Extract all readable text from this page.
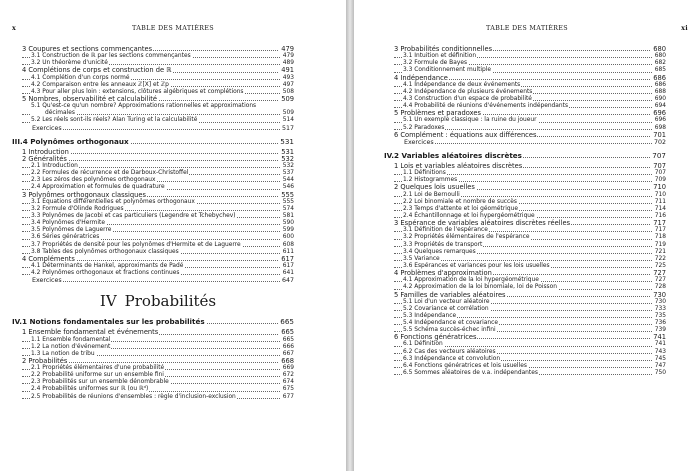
x	TABLE DES MATIÈRES
3 Coupures et sections commençantes	479
3.1 Construction de ℝ par les sections commençantes	479
3.2 Un théorème d'unicité	489
4 Complétions de corps et construction de ℝ	491
4.1 Complétion d'un corps normé	493
4.2 Comparaison entre les anneaux ℤ[X] et ℤp	497
4.3 Pour aller plus loin : extensions, clôtures algébriques et complétions	508
5 Nombres, observabilité et calculabilité	509
5.1 Qu'est-ce qu'un nombre? Approximations rationnelles et approximations
décimales	509
5.2 Les réels sont-ils réels? Alan Turing et la calculabilité	514
Exercices	517
III.4 Polynômes orthogonaux	531
1 Introduction	531
2 Généralités	532
2.1 Introduction	532
2.2 Formules de récurrence et de Darboux-Christoffel	537
2.3 Les zéros des polynômes orthogonaux	544
2.4 Approximation et formules de quadrature	546
3 Polynômes orthogonaux classiques	555
3.1 Équations différentielles et polynômes orthogonaux	555
3.2 Formule d'Olinde Rodrigues	574
3.3 Polynômes de Jacobi et cas particuliers (Legendre et Tchebychev)	581
3.4 Polynômes d'Hermite	590
3.5 Polynômes de Laguerre	599
3.6 Séries génératrices	600
3.7 Propriétés de densité pour les polynômes d'Hermite et de Laguerre	608
3.8 Tables des polynômes orthogonaux classiques	611
4 Compléments	617
4.1 Déterminants de Hankel, approximants de Padé	617
4.2 Polynômes orthogonaux et fractions continues	641
Exercices	647
IV Probabilités
IV.1 Notions fondamentales sur les probabilités	665
1 Ensemble fondamental et événements	665
1.1 Ensemble fondamental	665
1.2 La notion d'événement	666
1.3 La notion de tribu	667
2 Probabilités	668
2.1 Propriétés élémentaires d'une probabilité	669
2.2 Probabilité uniforme sur un ensemble fini	672
2.3 Probabilités sur un ensemble dénombrable	674
2.4 Probabilités uniformes sur ℝ (ou ℝᵈ)	675
2.5 Probabilités de réunions d'ensembles : règle d'inclusion-exclusion	677
TABLE DES MATIÈRES	xi
3 Probabilités conditionnelles	680
3.1 Intuition et définition	680
3.2 Formule de Bayes	682
3.3 Conditionnement multiple	685
4 Indépendance	686
4.1 Indépendance de deux événements	686
4.2 Indépendance de plusieurs événements	688
4.3 Construction d'un espace de probabilité	690
4.4 Probabilité de réunions d'événements indépendants	694
5 Problèmes et paradoxes	696
5.1 Un exemple classique : la ruine du joueur	696
5.2 Paradoxes	698
6 Complément : équations aux différences	701
Exercices	702
IV.2 Variables aléatoires discrètes	707
1 Lois et variables aléatoires discrètes	707
1.1 Définitions	707
1.2 Histogrammes	709
2 Quelques lois usuelles	710
2.1 Loi de Bernoulli	710
2.2 Loi binomiale et nombre de succès	711
2.3 Temps d'attente et loi géométrique	714
2.4 Échantillonnage et loi hypergéométrique	716
3 Espérance de variables aléatoires discrètes réelles	717
3.1 Définition de l'espérance	717
3.2 Propriétés élémentaires de l'espérance	718
3.3 Propriétés de transport	719
3.4 Quelques remarques	721
3.5 Variance	722
3.6 Espérances et variances pour les lois usuelles	725
4 Problèmes d'approximation	727
4.1 Approximation de la loi hypergéométrique	727
4.2 Approximation de la loi binomiale, loi de Poisson	728
5 Familles de variables aléatoires	730
5.1 Loi d'un vecteur aléatoire	730
5.2 Covariance et corrélation	733
5.3 Indépendance	735
5.4 Indépendance et covariance	736
5.5 Schéma succès-échec infini	739
6 Fonctions génératrices	741
6.1 Définition	741
6.2 Cas des vecteurs aléatoires	743
6.3 Indépendance et convolution	745
6.4 Fonctions génératrices et lois usuelles	747
6.5 Sommes aléatoires de v.a. indépendantes	750
